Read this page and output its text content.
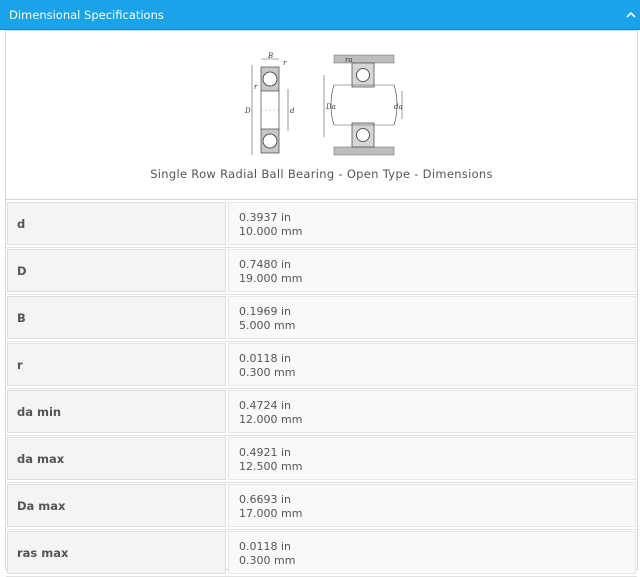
Dimensional Specifications
B
r
r
D	d
ra
Da	da
Single Row Radial Ball Bearing - Open Type - Dimensions
d	0.3937 in
10.000 mm
D	0.7480 in
19.000 mm
B	0.1969 in
5.000 mm
r	0.0118 in
0.300 mm
da min	0.4724 in
12.000 mm
da max	0.4921 in
12.500 mm
Da max	0.6693 in
17.000 mm
ras max	0.0118 in
0.300 mm
